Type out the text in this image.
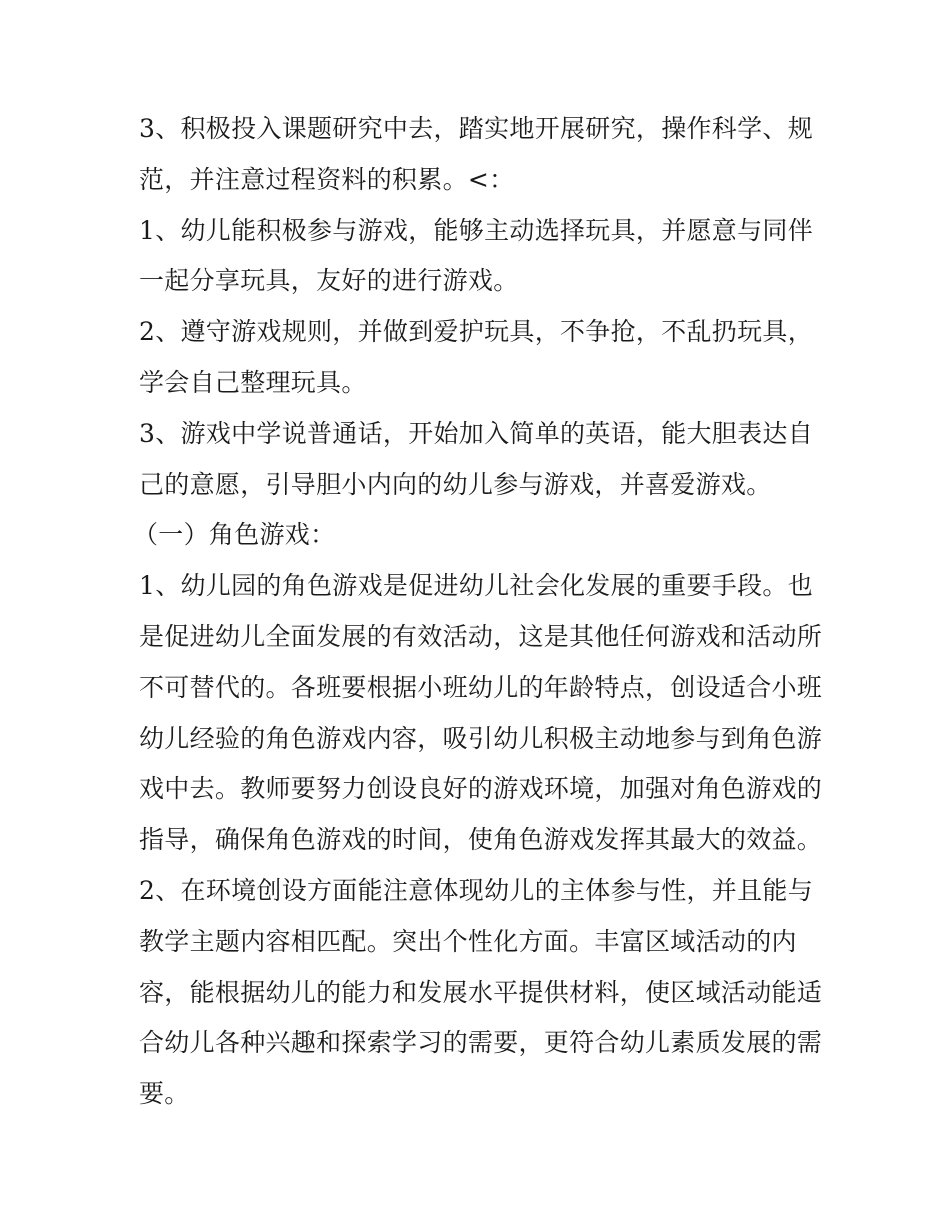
3、积极投入课题研究中去，踏实地开展研究，操作科学、规
范，并注意过程资料的积累。<：
1、幼儿能积极参与游戏，能够主动选择玩具，并愿意与同伴
一起分享玩具，友好的进行游戏。
2、遵守游戏规则，并做到爱护玩具，不争抢，不乱扔玩具，
学会自己整理玩具。
3、游戏中学说普通话，开始加入简单的英语，能大胆表达自
己的意愿，引导胆小内向的幼儿参与游戏，并喜爱游戏。
（一）角色游戏：
1、幼儿园的角色游戏是促进幼儿社会化发展的重要手段。也
是促进幼儿全面发展的有效活动，这是其他任何游戏和活动所
不可替代的。各班要根据小班幼儿的年龄特点，创设适合小班
幼儿经验的角色游戏内容，吸引幼儿积极主动地参与到角色游
戏中去。教师要努力创设良好的游戏环境，加强对角色游戏的
指导，确保角色游戏的时间，使角色游戏发挥其最大的效益。
2、在环境创设方面能注意体现幼儿的主体参与性，并且能与
教学主题内容相匹配。突出个性化方面。丰富区域活动的内
容，能根据幼儿的能力和发展水平提供材料，使区域活动能适
合幼儿各种兴趣和探索学习的需要，更符合幼儿素质发展的需
要。
